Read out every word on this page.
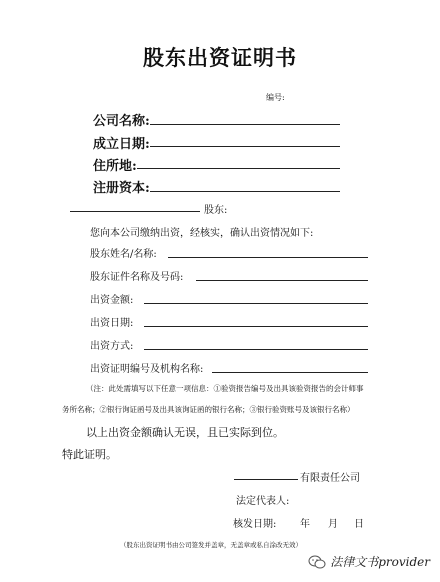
股东出资证明书
编号:
公司名称:
成立日期:
住所地:
注册资本:
股东:
您向本公司缴纳出资，经核实，确认出资情况如下:
股东姓名/名称:
股东证件名称及号码:
出资金额:
出资日期:
出资方式:
出资证明编号及机构名称:
（注：此处需填写以下任意一项信息：①验资报告编号及出具该验资报告的会计师事
务所名称；②银行询证函号及出具该询证函的银行名称；③银行验资账号及该银行名称）
以上出资金额确认无误，且已实际到位。
特此证明。
有限责任公司
法定代表人:
核发日期: 年 月 日
（股东出资证明书由公司签发并盖章，无盖章或私自涂改无效）
法律文书provider
